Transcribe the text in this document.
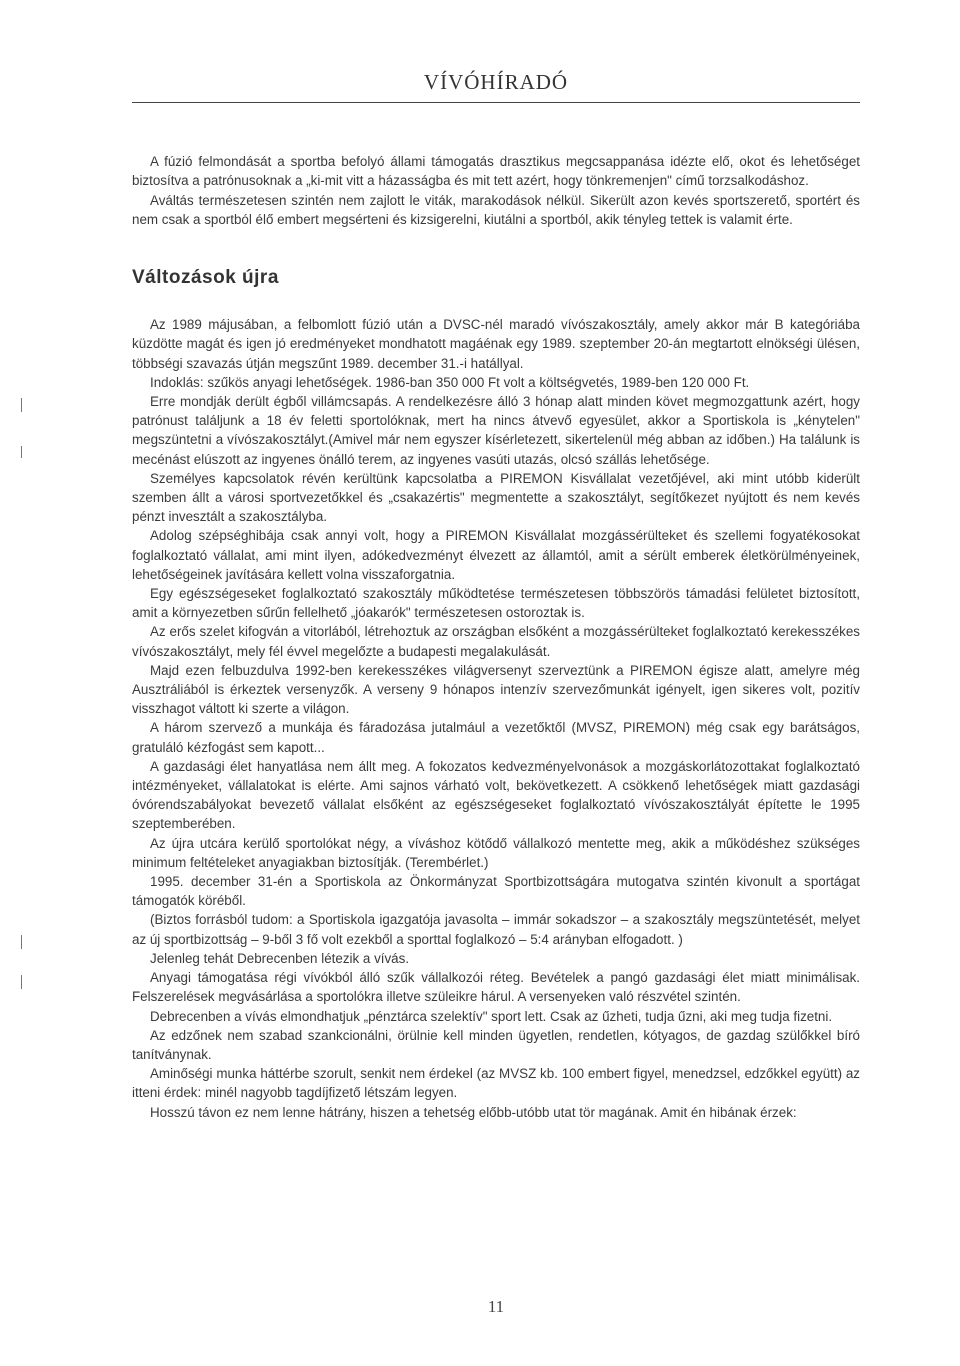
VÍVÓHÍRADÓ

A fúzió felmondását a sportba befolyó állami támogatás drasztikus megcsappanása idézte elő, okot és lehetőséget biztosítva a patrónusoknak a „ki-mit vitt a házasságba és mit tett azért, hogy tönkremenjen" című torzsalkodáshoz.

Aváltás természetesen szintén nem zajlott le viták, marakodások nélkül. Sikerült azon kevés sportszerető, sportért és nem csak a sportból élő embert megsérteni és kizsigerelni, kiutálni a sportból, akik tényleg tettek is valamit érte.

Változások újra

Az 1989 májusában, a felbomlott fúzió után a DVSC-nél maradó vívószakosztály, amely akkor már B kategóriába küzdötte magát és igen jó eredményeket mondhatott magáénak egy 1989. szeptember 20-án megtartott elnökségi ülésen, többségi szavazás útján megszűnt 1989. december 31.-i hatállyal.

Indoklás: szűkös anyagi lehetőségek. 1986-ban 350 000 Ft volt a költségvetés, 1989-ben 120 000 Ft.

Erre mondják derült égből villámcsapás. A rendelkezésre álló 3 hónap alatt minden követ megmozgattunk azért, hogy patrónust találjunk a 18 év feletti sportolóknak, mert ha nincs átvevő egyesület, akkor a Sportiskola is „kénytelen" megszüntetni a vívószakosztályt.(Amivel már nem egyszer kísérletezett, sikertelenül még abban az időben.) Ha találunk is mecénást elúszott az ingyenes önálló terem, az ingyenes vasúti utazás, olcsó szállás lehetősége.

Személyes kapcsolatok révén kerültünk kapcsolatba a PIREMON Kisvállalat vezetőjével, aki mint utóbb kiderült szemben állt a városi sportvezetőkkel és „csakazértis" megmentette a szakosztályt, segítőkezet nyújtott és nem kevés pénzt invesztált a szakosztályba.

Adolog szépséghibája csak annyi volt, hogy a PIREMON Kisvállalat mozgássérülteket és szellemi fogyatékosokat foglalkoztató vállalat, ami mint ilyen, adókedvezményt élvezett az államtól, amit a sérült emberek életkörülményeinek, lehetőségeinek javítására kellett volna visszaforgatnia.

Egy egészségeseket foglalkoztató szakosztály működtetése természetesen többszörös támadási felületet biztosított, amit a környezetben sűrűn fellelhető „jóakarók" természetesen ostoroztak is.

Az erős szelet kifogván a vitorlából, létrehoztuk az országban elsőként a mozgássérülteket foglalkoztató kerekesszékes vívószakosztályt, mely fél évvel megelőzte a budapesti megalakulását.

Majd ezen felbuzdulva 1992-ben kerekesszékes világversenyt szerveztünk a PIREMON égisze alatt, amelyre még Ausztráliából is érkeztek versenyzők. A verseny 9 hónapos intenzív szervezőmunkát igényelt, igen sikeres volt, pozitív visszhagot váltott ki szerte a világon.

A három szervező a munkája és fáradozása jutalmául a vezetőktől (MVSZ, PIREMON) még csak egy barátságos, gratuláló kézfogást sem kapott...

A gazdasági élet hanyatlása nem állt meg. A fokozatos kedvezményelvonások a mozgáskorlátozottakat foglalkoztató intézményeket, vállalatokat is elérte. Ami sajnos várható volt, bekövetkezett. A csökkenő lehetőségek miatt gazdasági óvórendszabályokat bevezető vállalat elsőként az egészségeseket foglalkoztató vívószakosztályát építette le 1995 szeptemberében.

Az újra utcára kerülő sportolókat négy, a víváshoz kötődő vállalkozó mentette meg, akik a működéshez szükséges minimum feltételeket anyagiakban biztosítják. (Terembérlet.)

1995. december 31-én a Sportiskola az Önkormányzat Sportbizottságára mutogatva szintén kivonult a sportágat támogatók köréből.

(Biztos forrásból tudom: a Sportiskola igazgatója javasolta – immár sokadszor – a szakosztály megszüntetését, melyet az új sportbizottság – 9-ből 3 fő volt ezekből a sporttal foglalkozó – 5:4 arányban elfogadott. )

Jelenleg tehát Debrecenben létezik a vívás.

Anyagi támogatása régi vívókból álló szűk vállalkozói réteg. Bevételek a pangó gazdasági élet miatt minimálisak. Felszerelések megvásárlása a sportolókra illetve szüleikre hárul. A versenyeken való részvétel szintén.

Debrecenben a vívás elmondhatjuk „pénztárca szelektív" sport lett. Csak az űzheti, tudja űzni, aki meg tudja fizetni.

Az edzőnek nem szabad szankcionálni, örülnie kell minden ügyetlen, rendetlen, kótyagos, de gazdag szülőkkel bíró tanítványnak.

Aminőségi munka háttérbe szorult, senkit nem érdekel (az MVSZ kb. 100 embert figyel, menedzsel, edzőkkel együtt) az itteni érdek: minél nagyobb tagdíjfizető létszám legyen.

Hosszú távon ez nem lenne hátrány, hiszen a tehetség előbb-utóbb utat tör magának. Amit én hibának érzek:

11
